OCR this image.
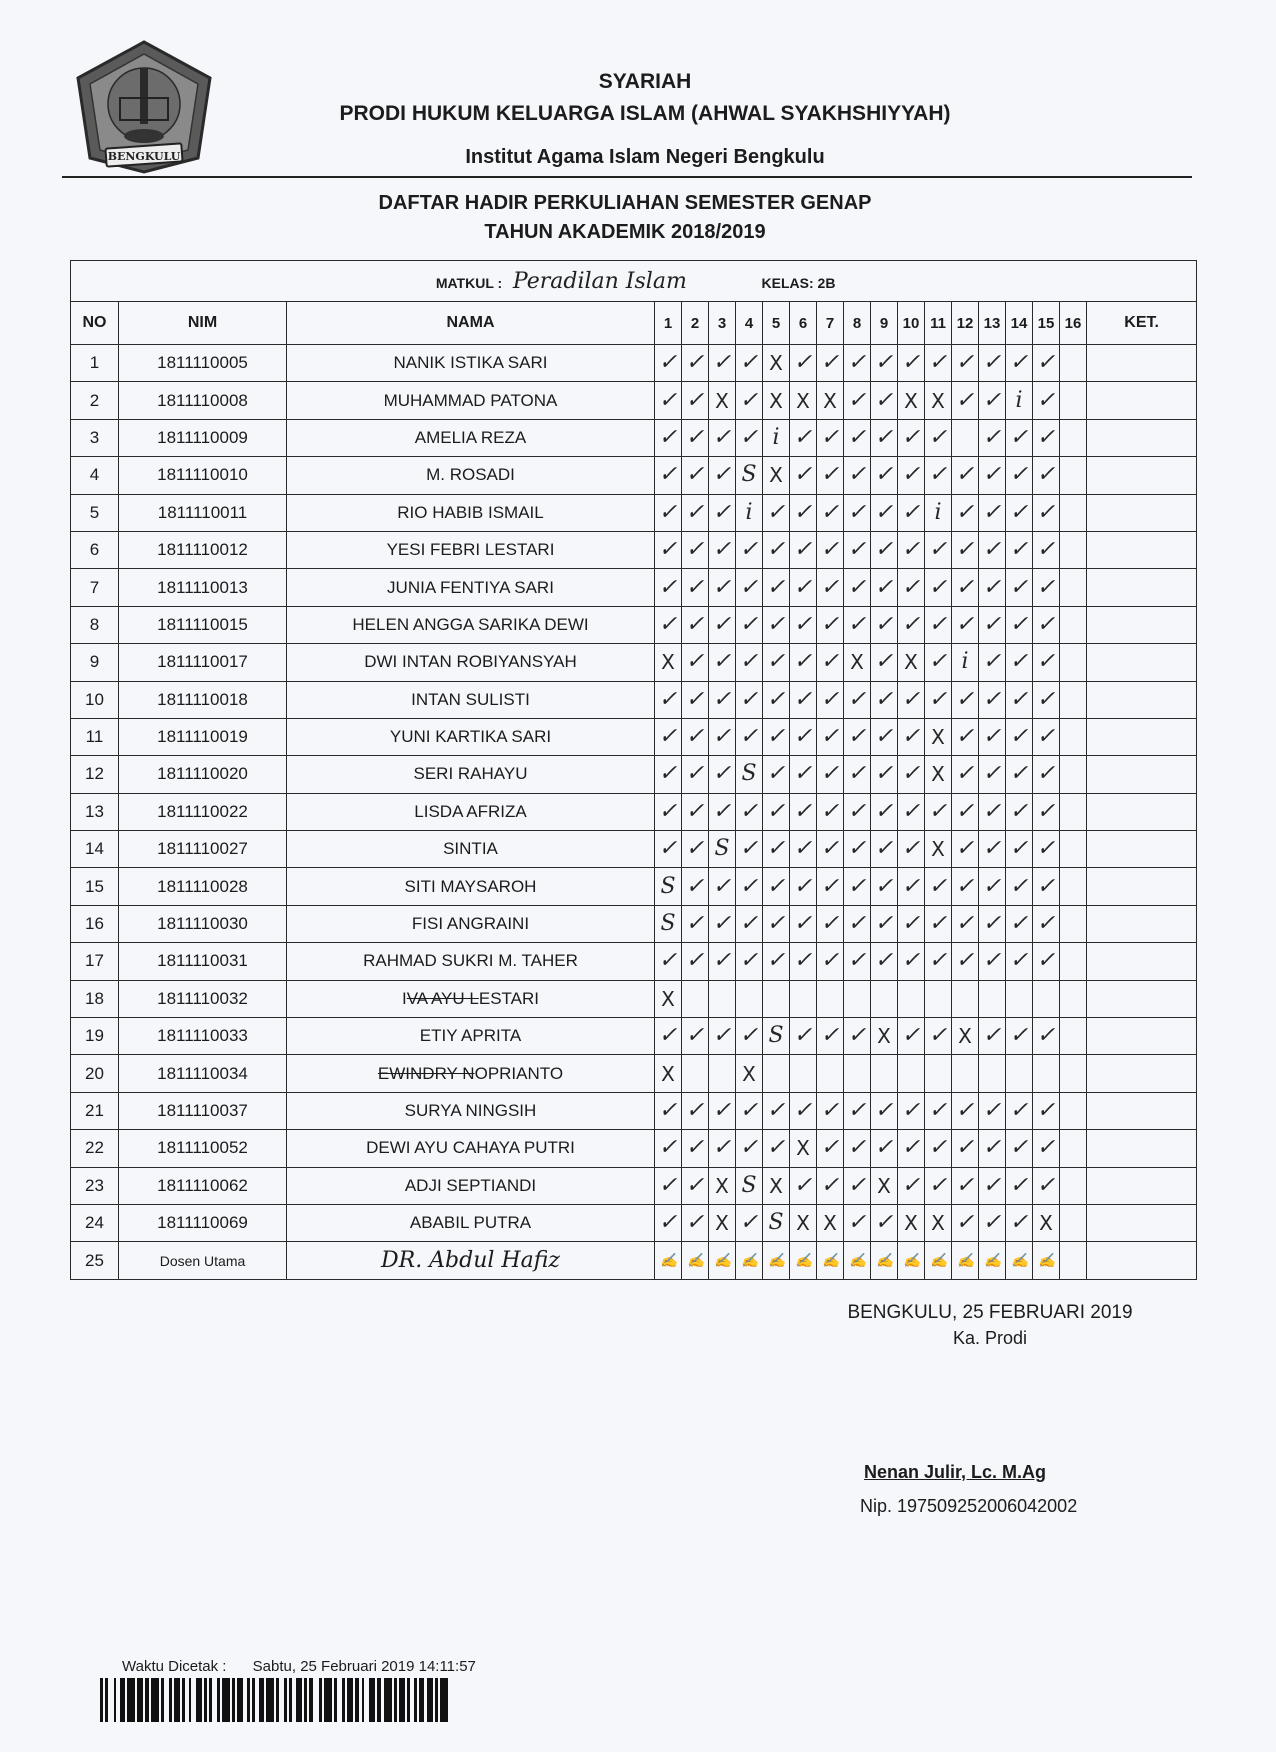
BENGKULU
SYARIAH
PRODI HUKUM KELUARGA ISLAM (AHWAL SYAKHSHIYYAH)
Institut Agama Islam Negeri Bengkulu
DAFTAR HADIR PERKULIAHAN SEMESTER GENAP
TAHUN AKADEMIK 2018/2019
MATKUL : Peradilan Islam KELAS: 2B																			
NO	NIM	NAMA	1	2	3	4	5	6	7	8	9	10	11	12	13	14	15	16	KET.
1	1811110005	NANIK ISTIKA SARI	✓	✓	✓	✓	X	✓	✓	✓	✓	✓	✓	✓	✓	✓	✓		
2	1811110008	MUHAMMAD PATONA	✓	✓	X	✓	X	X	X	✓	✓	X	X	✓	✓	i	✓		
3	1811110009	AMELIA REZA	✓	✓	✓	✓	i	✓	✓	✓	✓	✓	✓		✓	✓	✓		
4	1811110010	M. ROSADI	✓	✓	✓	S	X	✓	✓	✓	✓	✓	✓	✓	✓	✓	✓		
5	1811110011	RIO HABIB ISMAIL	✓	✓	✓	i	✓	✓	✓	✓	✓	✓	i	✓	✓	✓	✓		
6	1811110012	YESI FEBRI LESTARI	✓	✓	✓	✓	✓	✓	✓	✓	✓	✓	✓	✓	✓	✓	✓		
7	1811110013	JUNIA FENTIYA SARI	✓	✓	✓	✓	✓	✓	✓	✓	✓	✓	✓	✓	✓	✓	✓		
8	1811110015	HELEN ANGGA SARIKA DEWI	✓	✓	✓	✓	✓	✓	✓	✓	✓	✓	✓	✓	✓	✓	✓		
9	1811110017	DWI INTAN ROBIYANSYAH	X	✓	✓	✓	✓	✓	✓	X	✓	X	✓	i	✓	✓	✓		
10	1811110018	INTAN SULISTI	✓	✓	✓	✓	✓	✓	✓	✓	✓	✓	✓	✓	✓	✓	✓		
11	1811110019	YUNI KARTIKA SARI	✓	✓	✓	✓	✓	✓	✓	✓	✓	✓	X	✓	✓	✓	✓		
12	1811110020	SERI RAHAYU	✓	✓	✓	S	✓	✓	✓	✓	✓	✓	X	✓	✓	✓	✓		
13	1811110022	LISDA AFRIZA	✓	✓	✓	✓	✓	✓	✓	✓	✓	✓	✓	✓	✓	✓	✓		
14	1811110027	SINTIA	✓	✓	S	✓	✓	✓	✓	✓	✓	✓	X	✓	✓	✓	✓		
15	1811110028	SITI MAYSAROH	S	✓	✓	✓	✓	✓	✓	✓	✓	✓	✓	✓	✓	✓	✓		
16	1811110030	FISI ANGRAINI	S	✓	✓	✓	✓	✓	✓	✓	✓	✓	✓	✓	✓	✓	✓		
17	1811110031	RAHMAD SUKRI M. TAHER	✓	✓	✓	✓	✓	✓	✓	✓	✓	✓	✓	✓	✓	✓	✓		
18	1811110032	IVA AYU LESTARI	X																
19	1811110033	ETIY APRITA	✓	✓	✓	✓	S	✓	✓	✓	X	✓	✓	X	✓	✓	✓		
20	1811110034	EWINDRY NOPRIANTO	X			X													
21	1811110037	SURYA NINGSIH	✓	✓	✓	✓	✓	✓	✓	✓	✓	✓	✓	✓	✓	✓	✓		
22	1811110052	DEWI AYU CAHAYA PUTRI	✓	✓	✓	✓	✓	X	✓	✓	✓	✓	✓	✓	✓	✓	✓		
23	1811110062	ADJI SEPTIANDI	✓	✓	X	S	X	✓	✓	✓	X	✓	✓	✓	✓	✓	✓		
24	1811110069	ABABIL PUTRA	✓	✓	X	✓	S	X	X	✓	✓	X	X	✓	✓	✓	X		
25	Dosen Utama	DR. Abdul Hafiz	✍	✍	✍	✍	✍	✍	✍	✍	✍	✍	✍	✍	✍	✍	✍		
BENGKULU, 25 FEBRUARI 2019
Ka. Prodi
Nenan Julir, Lc. M.Ag
Nip. 197509252006042002
Waktu Dicetak : Sabtu, 25 Februari 2019 14:11:57
